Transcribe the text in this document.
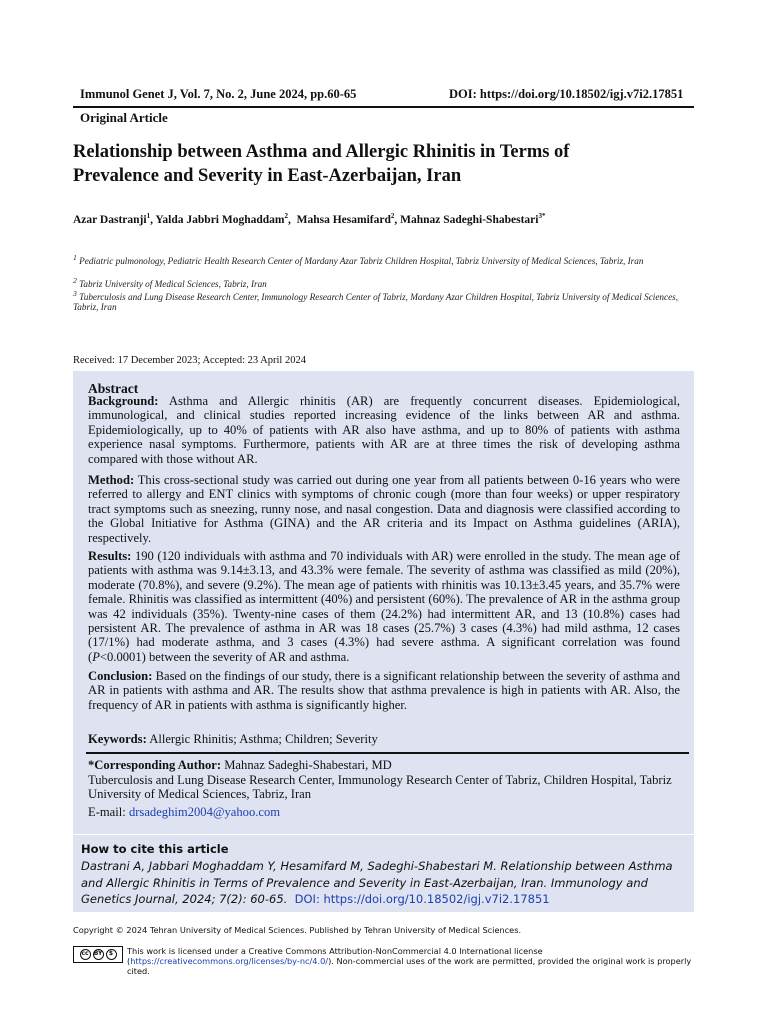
Immunol Genet J, Vol. 7, No. 2, June 2024, pp.60-65	DOI: https://doi.org/10.18502/igj.v7i2.17851
Original Article
Relationship between Asthma and Allergic Rhinitis in Terms of
Prevalence and Severity in East-Azerbaijan, Iran
Azar Dastranji$^1$, Yalda Jabbri Moghaddam$^2$,  Mahsa Hesamifard$^2$, Mahnaz Sadeghi-Shabestari$^{3*}$
$^1$ Pediatric pulmonology, Pediatric Health Research Center of Mardany Azar Tabriz Children Hospital, Tabriz University of Medical Sciences, Tabriz, Iran
$^2$ Tabriz University of Medical Sciences, Tabriz, Iran
$^3$ Tuberculosis and Lung Disease Research Center, Immunology Research Center of Tabriz, Mardany Azar Children Hospital, Tabriz University of Medical Sciences, Tabriz, Iran
Received: 17 December 2023; Accepted: 23 April 2024
Abstract
Background: Asthma and Allergic rhinitis (AR) are frequently concurrent diseases. Epidemiological, immunological, and clinical studies reported increasing evidence of the links between AR and asthma. Epidemiologically, up to 40% of patients with AR also have asthma, and up to 80% of patients with asthma experience nasal symptoms. Furthermore, patients with AR are at three times the risk of developing asthma compared with those without AR.
Method: This cross-sectional study was carried out during one year from all patients between 0-16 years who were referred to allergy and ENT clinics with symptoms of chronic cough (more than four weeks) or upper respiratory tract symptoms such as sneezing, runny nose, and nasal congestion. Data and diagnosis were classified according to the Global Initiative for Asthma (GINA) and the AR criteria and its Impact on Asthma guidelines (ARIA), respectively.
Results: 190 (120 individuals with asthma and 70 individuals with AR) were enrolled in the study. The mean age of patients with asthma was 9.14±3.13, and 43.3% were female. The severity of asthma was classified as mild (20%), moderate (70.8%), and severe (9.2%). The mean age of patients with rhinitis was 10.13±3.45 years, and 35.7% were female. Rhinitis was classified as intermittent (40%) and persistent (60%). The prevalence of AR in the asthma group was 42 individuals (35%). Twenty-nine cases of them (24.2%) had intermittent AR, and 13 (10.8%) cases had persistent AR. The prevalence of asthma in AR was 18 cases (25.7%) 3 cases (4.3%) had mild asthma, 12 cases (17/1%) had moderate asthma, and 3 cases (4.3%) had severe asthma. A significant correlation was found (P<0.0001) between the severity of AR and asthma.
Conclusion: Based on the findings of our study, there is a significant relationship between the severity of asthma and AR in patients with asthma and AR. The results show that asthma prevalence is high in patients with AR. Also, the frequency of AR in patients with asthma is significantly higher.
Keywords: Allergic Rhinitis; Asthma; Children; Severity
*Corresponding Author: Mahnaz Sadeghi-Shabestari, MD
Tuberculosis and Lung Disease Research Center, Immunology Research Center of Tabriz, Children Hospital, Tabriz University of Medical Sciences, Tabriz, Iran
E-mail: drsadeghim2004@yahoo.com
How to cite this article
Dastrani A, Jabbari Moghaddam Y, Hesamifard M, Sadeghi-Shabestari M. Relationship between Asthma and Allergic Rhinitis in Terms of Prevalence and Severity in East-Azerbaijan, Iran. Immunology and Genetics Journal, 2024; 7(2): 60-65. DOI: https://doi.org/10.18502/igj.v7i2.17851
Copyright © 2024 Tehran University of Medical Sciences. Published by Tehran University of Medical Sciences.
cc BY	$	This work is licensed under a Creative Commons Attribution-NonCommercial 4.0 International license (https://creativecommons.org/licenses/by-nc/4.0/). Non-commercial uses of the work are permitted, provided the original work is properly cited.
